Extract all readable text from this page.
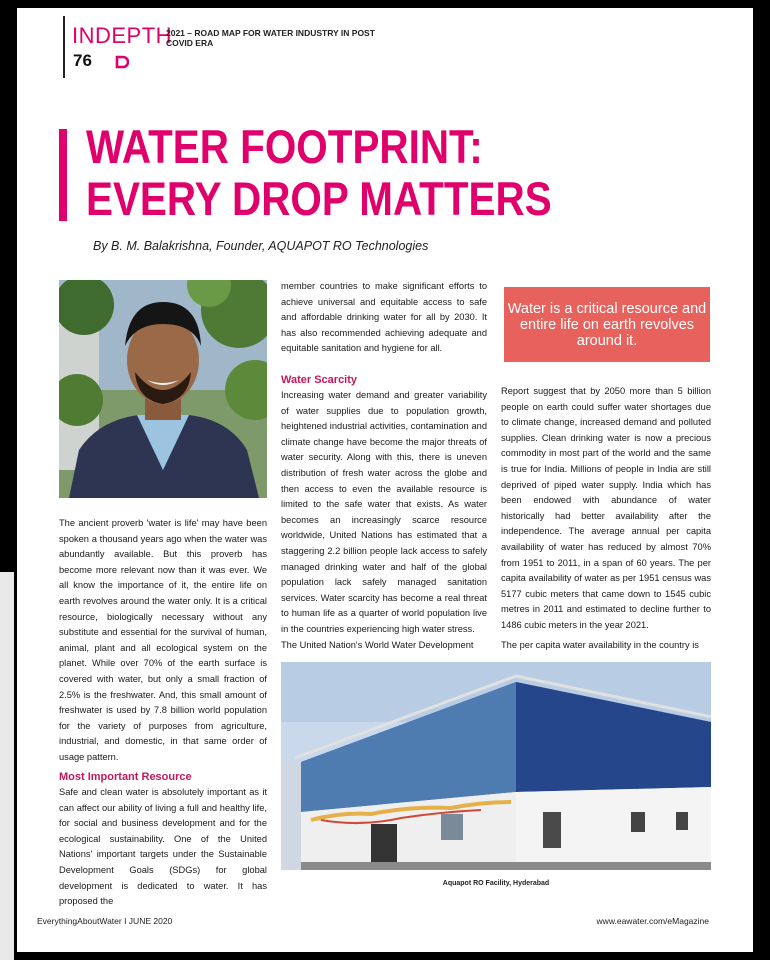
INDEPTH
2021 – ROAD MAP FOR WATER INDUSTRY IN POST COVID ERA
76
WATER FOOTPRINT:
EVERY DROP MATTERS
By B. M. Balakrishna, Founder, AQUAPOT RO Technologies

The ancient proverb 'water is life' may have been spoken a thousand years ago when the water was abundantly available. But this proverb has become more relevant now than it was ever. We all know the importance of it, the entire life on earth revolves around the water only. It is a critical resource, biologically necessary without any substitute and essential for the survival of human, animal, plant and all ecological system on the planet. While over 70% of the earth surface is covered with water, but only a small fraction of 2.5% is the freshwater. And, this small amount of freshwater is used by 7.8 billion world population for the variety of purposes from agriculture, industrial, and domestic, in that same order of usage pattern.

Most Important Resource

Safe and clean water is absolutely important as it can affect our ability of living a full and healthy life, for social and business development and for the ecological sustainability. One of the United Nations' important targets under the Sustainable Development Goals (SDGs) for global development is dedicated to water. It has proposed the

member countries to make significant efforts to achieve universal and equitable access to safe and affordable drinking water for all by 2030. It has also recommended achieving adequate and equitable sanitation and hygiene for all.

Water Scarcity

Increasing water demand and greater variability of water supplies due to population growth, heightened industrial activities, contamination and climate change have become the major threats of water security. Along with this, there is uneven distribution of fresh water across the globe and then access to even the available resource is limited to the safe water that exists. As water becomes an increasingly scarce resource worldwide, United Nations has estimated that a staggering 2.2 billion people lack access to safely managed drinking water and half of the global population lack safely managed sanitation services. Water scarcity has become a real threat to human life as a quarter of world population live in the countries experiencing high water stress.

Water is a critical resource and entire life on earth revolves around it.

Report suggest that by 2050 more than 5 billion people on earth could suffer water shortages due to climate change, increased demand and polluted supplies. Clean drinking water is now a precious commodity in most part of the world and the same is true for India. Millions of people in India are still deprived of piped water supply. India which has been endowed with abundance of water historically had better availability after the independence. The average annual per capita availability of water has reduced by almost 70% from 1951 to 2011, in a span of 60 years. The per capita availability of water as per 1951 census was 5177 cubic meters that came down to 1545 cubic metres in 2011 and estimated to decline further to 1486 cubic meters in the year 2021.

The United Nation's World Water Development	The per capita water availability in the country is

Aquapot RO Facility, Hyderabad
EverythingAboutWater I JUNE 2020	www.eawater.com/eMagazine
